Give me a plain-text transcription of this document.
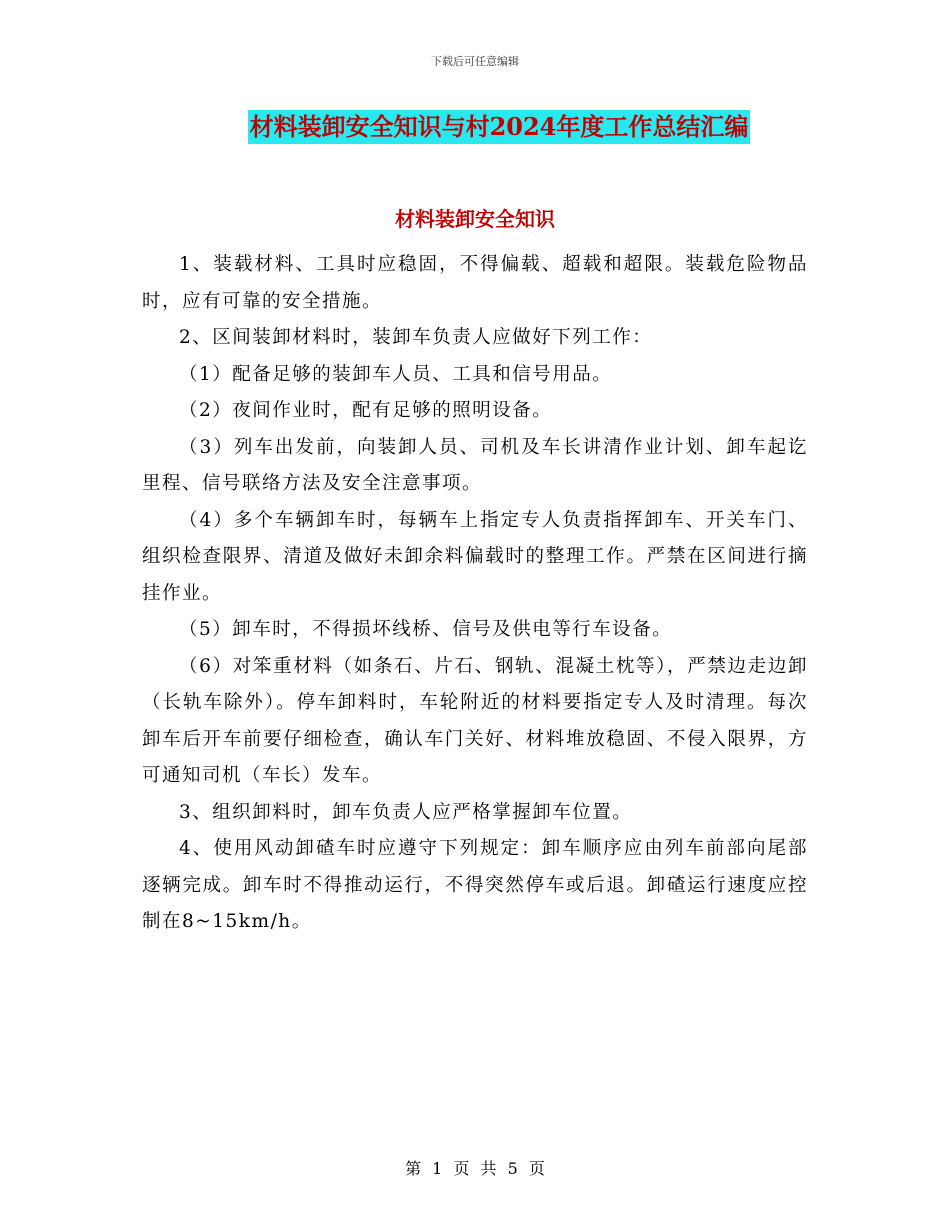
下载后可任意编辑
材料装卸安全知识与村2024年度工作总结汇编
材料装卸安全知识

1、装载材料、工具时应稳固，不得偏载、超载和超限。装载危险物品时，应有可靠的安全措施。

2、区间装卸材料时，装卸车负责人应做好下列工作：

（1）配备足够的装卸车人员、工具和信号用品。

（2）夜间作业时，配有足够的照明设备。

（3）列车出发前，向装卸人员、司机及车长讲清作业计划、卸车起讫里程、信号联络方法及安全注意事项。

（4）多个车辆卸车时，每辆车上指定专人负责指挥卸车、开关车门、组织检查限界、清道及做好未卸余料偏载时的整理工作。严禁在区间进行摘挂作业。

（5）卸车时，不得损坏线桥、信号及供电等行车设备。

（6）对笨重材料（如条石、片石、钢轨、混凝土枕等），严禁边走边卸（长轨车除外）。停车卸料时，车轮附近的材料要指定专人及时清理。每次卸车后开车前要仔细检查，确认车门关好、材料堆放稳固、不侵入限界，方可通知司机（车长）发车。

3、组织卸料时，卸车负责人应严格掌握卸车位置。

4、使用风动卸碴车时应遵守下列规定：卸车顺序应由列车前部向尾部逐辆完成。卸车时不得推动运行，不得突然停车或后退。卸碴运行速度应控制在8~15km/h。

第 1 页 共 5 页
